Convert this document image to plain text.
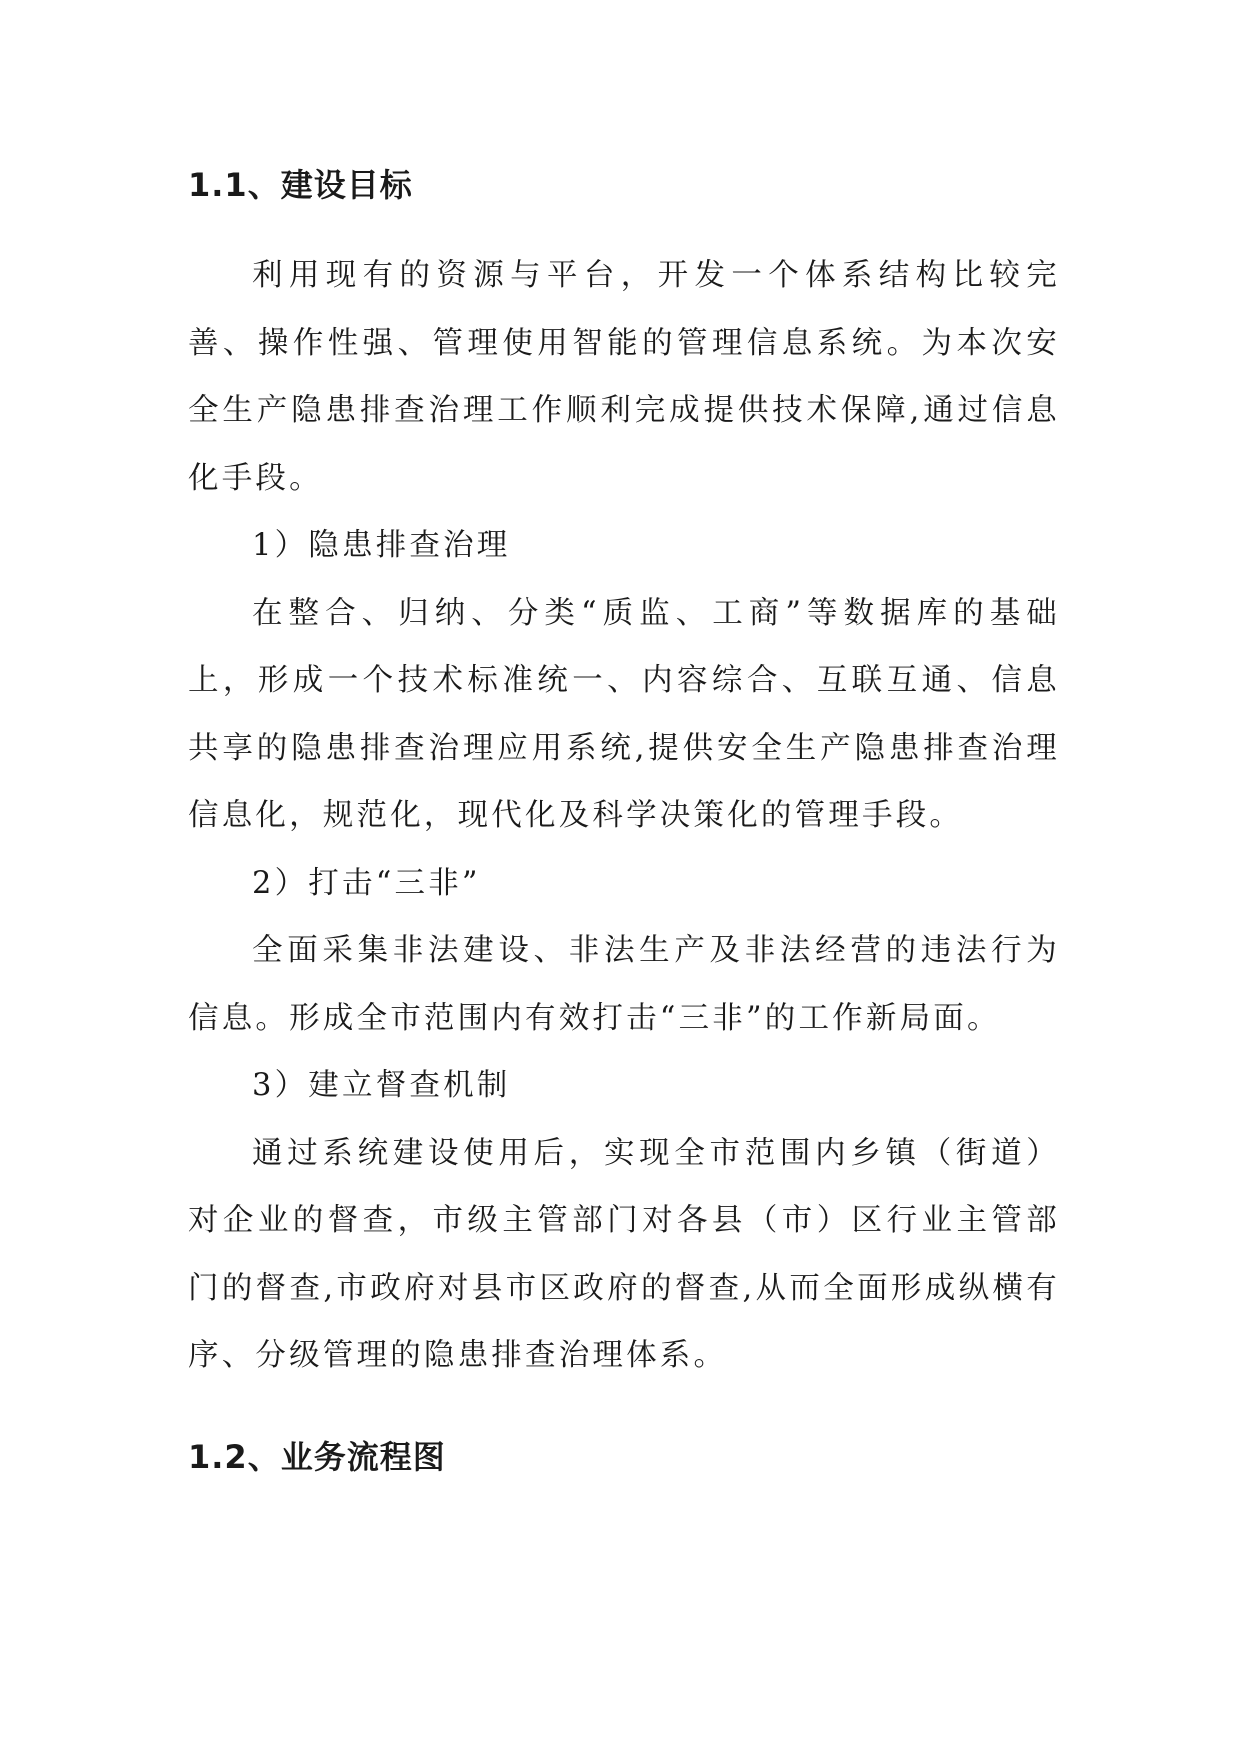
1.1、建设目标

利用现有的资源与平台，开发一个体系结构比较完善、操作性强、管理使用智能的管理信息系统。为本次安全生产隐患排查治理工作顺利完成提供技术保障,通过信息化手段。

1）隐患排查治理

在整合、归纳、分类“质监、工商”等数据库的基础上，形成一个技术标准统一、内容综合、互联互通、信息共享的隐患排查治理应用系统,提供安全生产隐患排查治理信息化，规范化，现代化及科学决策化的管理手段。

2）打击“三非”

全面采集非法建设、非法生产及非法经营的违法行为信息。形成全市范围内有效打击“三非”的工作新局面。

3）建立督查机制

通过系统建设使用后，实现全市范围内乡镇（街道）对企业的督查，市级主管部门对各县（市）区行业主管部门的督查,市政府对县市区政府的督查,从而全面形成纵横有序、分级管理的隐患排查治理体系。

1.2、业务流程图
